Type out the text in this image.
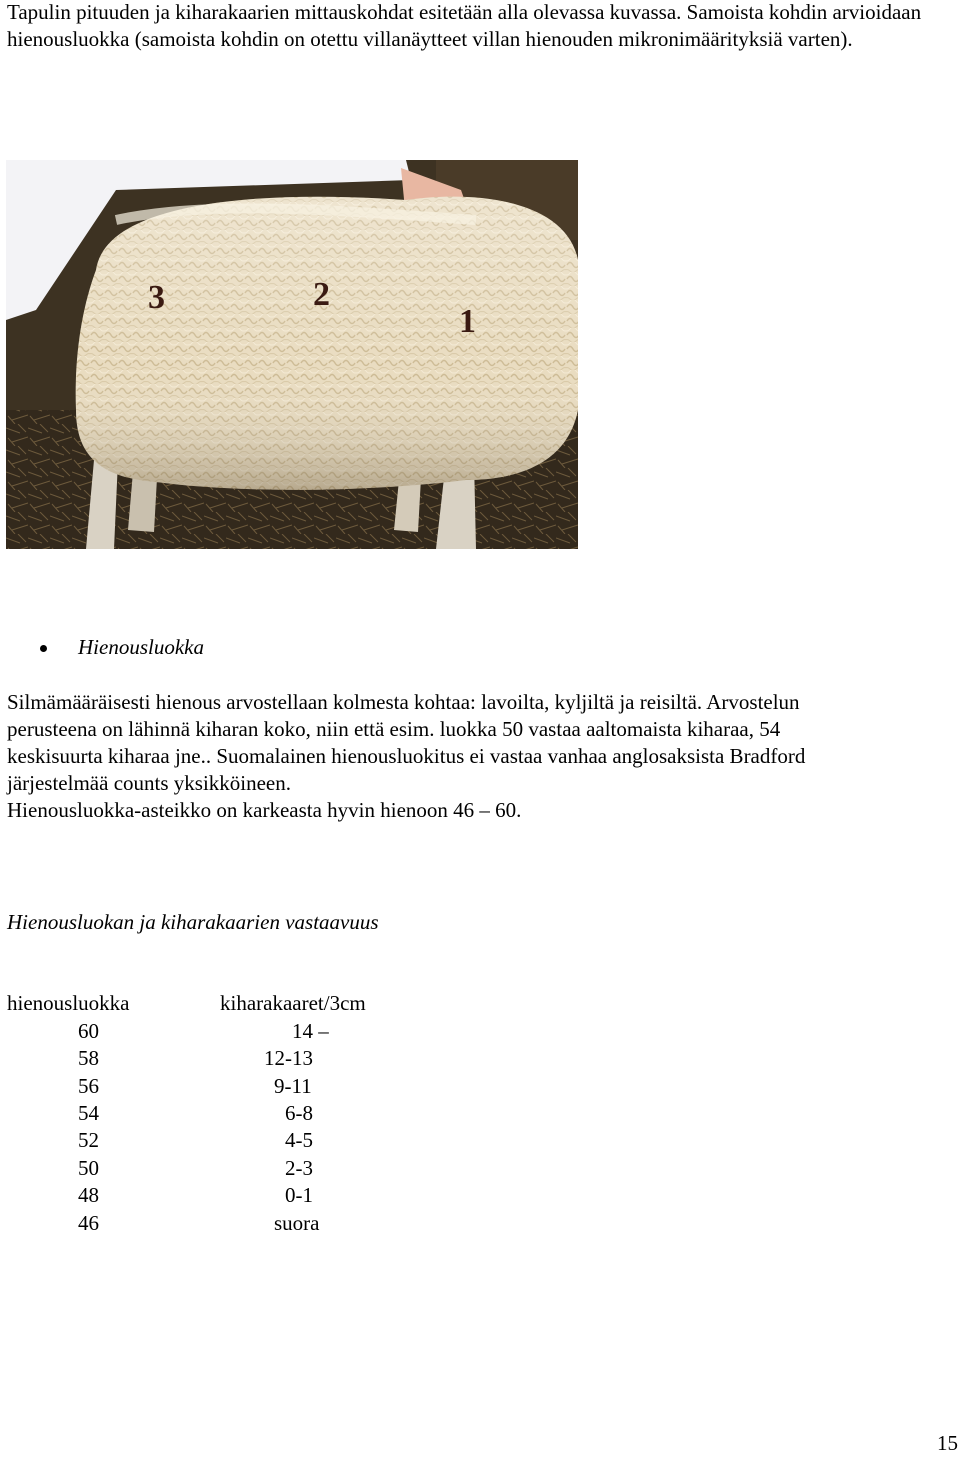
Tapulin pituuden ja kiharakaarien mittauskohdat esitetään alla olevassa kuvassa. Samoista kohdin arvioidaan hienousluokka (samoista kohdin on otettu villanäytteet villan hienouden mikronimäärityksiä varten).

3	2
1
Hienousluokka
Silmämääräisesti hienous arvostellaan kolmesta kohtaa: lavoilta, kyljiltä ja reisiltä. Arvostelun
perusteena on lähinnä kiharan koko, niin että esim. luokka 50 vastaa aaltomaista kiharaa, 54
keskisuurta kiharaa jne.. Suomalainen hienousluokitus ei vastaa vanhaa anglosaksista Bradford
järjestelmää counts yksikköineen.
Hienousluokka-asteikko on karkeasta hyvin hienoon 46 – 60.
Hienousluokan ja kiharakaarien vastaavuus
hienousluokka	kiharakaaret/3cm
60	14 –
58	12-13
56	9-11
54	6-8
52	4-5
50	2-3
48	0-1
46	suora
15
